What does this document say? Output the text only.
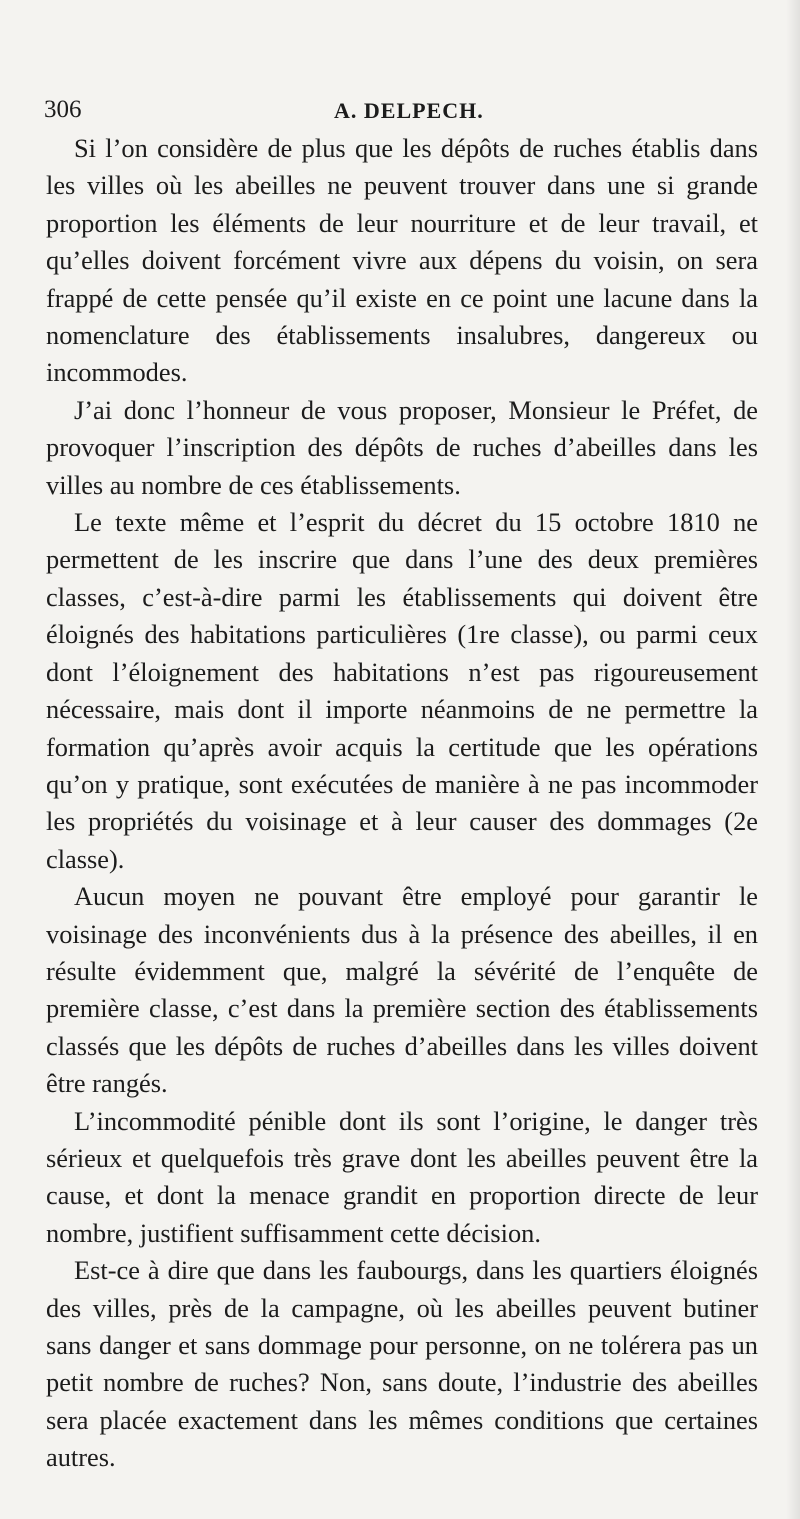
306	A. DELPECH.

Si l’on considère de plus que les dépôts de ruches établis dans les villes où les abeilles ne peuvent trouver dans une si grande proportion les éléments de leur nourriture et de leur travail, et qu’elles doivent forcément vivre aux dépens du voisin, on sera frappé de cette pensée qu’il existe en ce point une lacune dans la nomenclature des établissements insalubres, dangereux ou incommodes.

J’ai donc l’honneur de vous proposer, Monsieur le Préfet, de provoquer l’inscription des dépôts de ruches d’abeilles dans les villes au nombre de ces établissements.

Le texte même et l’esprit du décret du 15 octobre 1810 ne permettent de les inscrire que dans l’une des deux premières classes, c’est-à-dire parmi les établissements qui doivent être éloignés des habitations particulières (1re classe), ou parmi ceux dont l’éloignement des habitations n’est pas rigoureusement nécessaire, mais dont il importe néanmoins de ne permettre la formation qu’après avoir acquis la certitude que les opérations qu’on y pratique, sont exécutées de manière à ne pas incommoder les propriétés du voisinage et à leur causer des dommages (2e classe).

Aucun moyen ne pouvant être employé pour garantir le voisinage des inconvénients dus à la présence des abeilles, il en résulte évidemment que, malgré la sévérité de l’enquête de première classe, c’est dans la première section des établissements classés que les dépôts de ruches d’abeilles dans les villes doivent être rangés.

L’incommodité pénible dont ils sont l’origine, le danger très sérieux et quelquefois très grave dont les abeilles peuvent être la cause, et dont la menace grandit en proportion directe de leur nombre, justifient suffisamment cette décision.

Est-ce à dire que dans les faubourgs, dans les quartiers éloignés des villes, près de la campagne, où les abeilles peuvent butiner sans danger et sans dommage pour personne, on ne tolérera pas un petit nombre de ruches? Non, sans doute, l’industrie des abeilles sera placée exactement dans les mêmes conditions que certaines autres.
